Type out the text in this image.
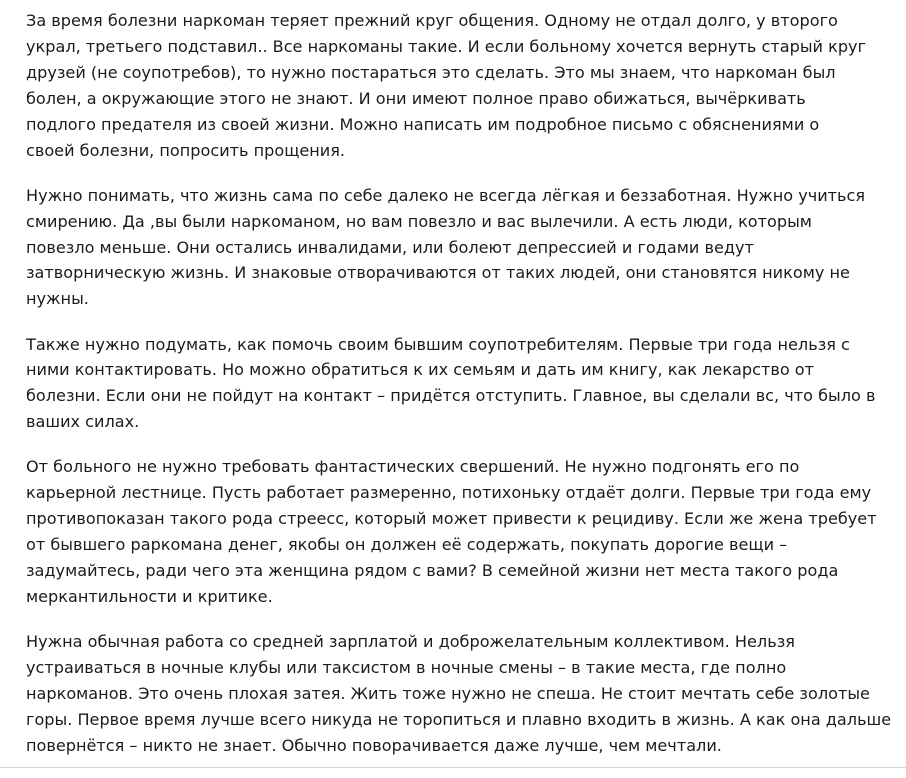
За время болезни наркоман теряет прежний круг общения. Одному не отдал долго, у второго
украл, третьего подставил.. Все наркоманы такие. И если больному хочется вернуть старый круг
друзей (не соупотребов), то нужно постараться это сделать. Это мы знаем, что наркоман был
болен, а окружающие этого не знают. И они имеют полное право обижаться, вычёркивать
подлого предателя из своей жизни. Можно написать им подробное письмо с обяснениями о
своей болезни, попросить прощения.

Нужно понимать, что жизнь сама по себе далеко не всегда лёгкая и беззаботная. Нужно учиться
смирению. Да ,вы были наркоманом, но вам повезло и вас вылечили. А есть люди, которым
повезло меньше. Они остались инвалидами, или болеют депрессией и годами ведут
затворническую жизнь. И знаковые отворачиваются от таких людей, они становятся никому не
нужны.

Также нужно подумать, как помочь своим бывшим соупотребителям. Первые три года нельзя с
ними контактировать. Но можно обратиться к их семьям и дать им книгу, как лекарство от
болезни. Если они не пойдут на контакт – придётся отступить. Главное, вы сделали вс, что было в
ваших силах.

От больного не нужно требовать фантастических свершений. Не нужно подгонять его по
карьерной лестнице. Пусть работает размеренно, потихоньку отдаёт долги. Первые три года ему
противопоказан такого рода стреесс, который может привести к рецидиву. Если же жена требует
от бывшего раркомана денег, якобы он должен её содержать, покупать дорогие вещи –
задумайтесь, ради чего эта женщина рядом с вами? В семейной жизни нет места такого рода
меркантильности и критике.

Нужна обычная работа со средней зарплатой и доброжелательным коллективом. Нельзя
устраиваться в ночные клубы или таксистом в ночные смены – в такие места, где полно
наркоманов. Это очень плохая затея. Жить тоже нужно не спеша. Не стоит мечтать себе золотые
горы. Первое время лучше всего никуда не торопиться и плавно входить в жизнь. А как она дальше
повернётся – никто не знает. Обычно поворачивается даже лучше, чем мечтали.
